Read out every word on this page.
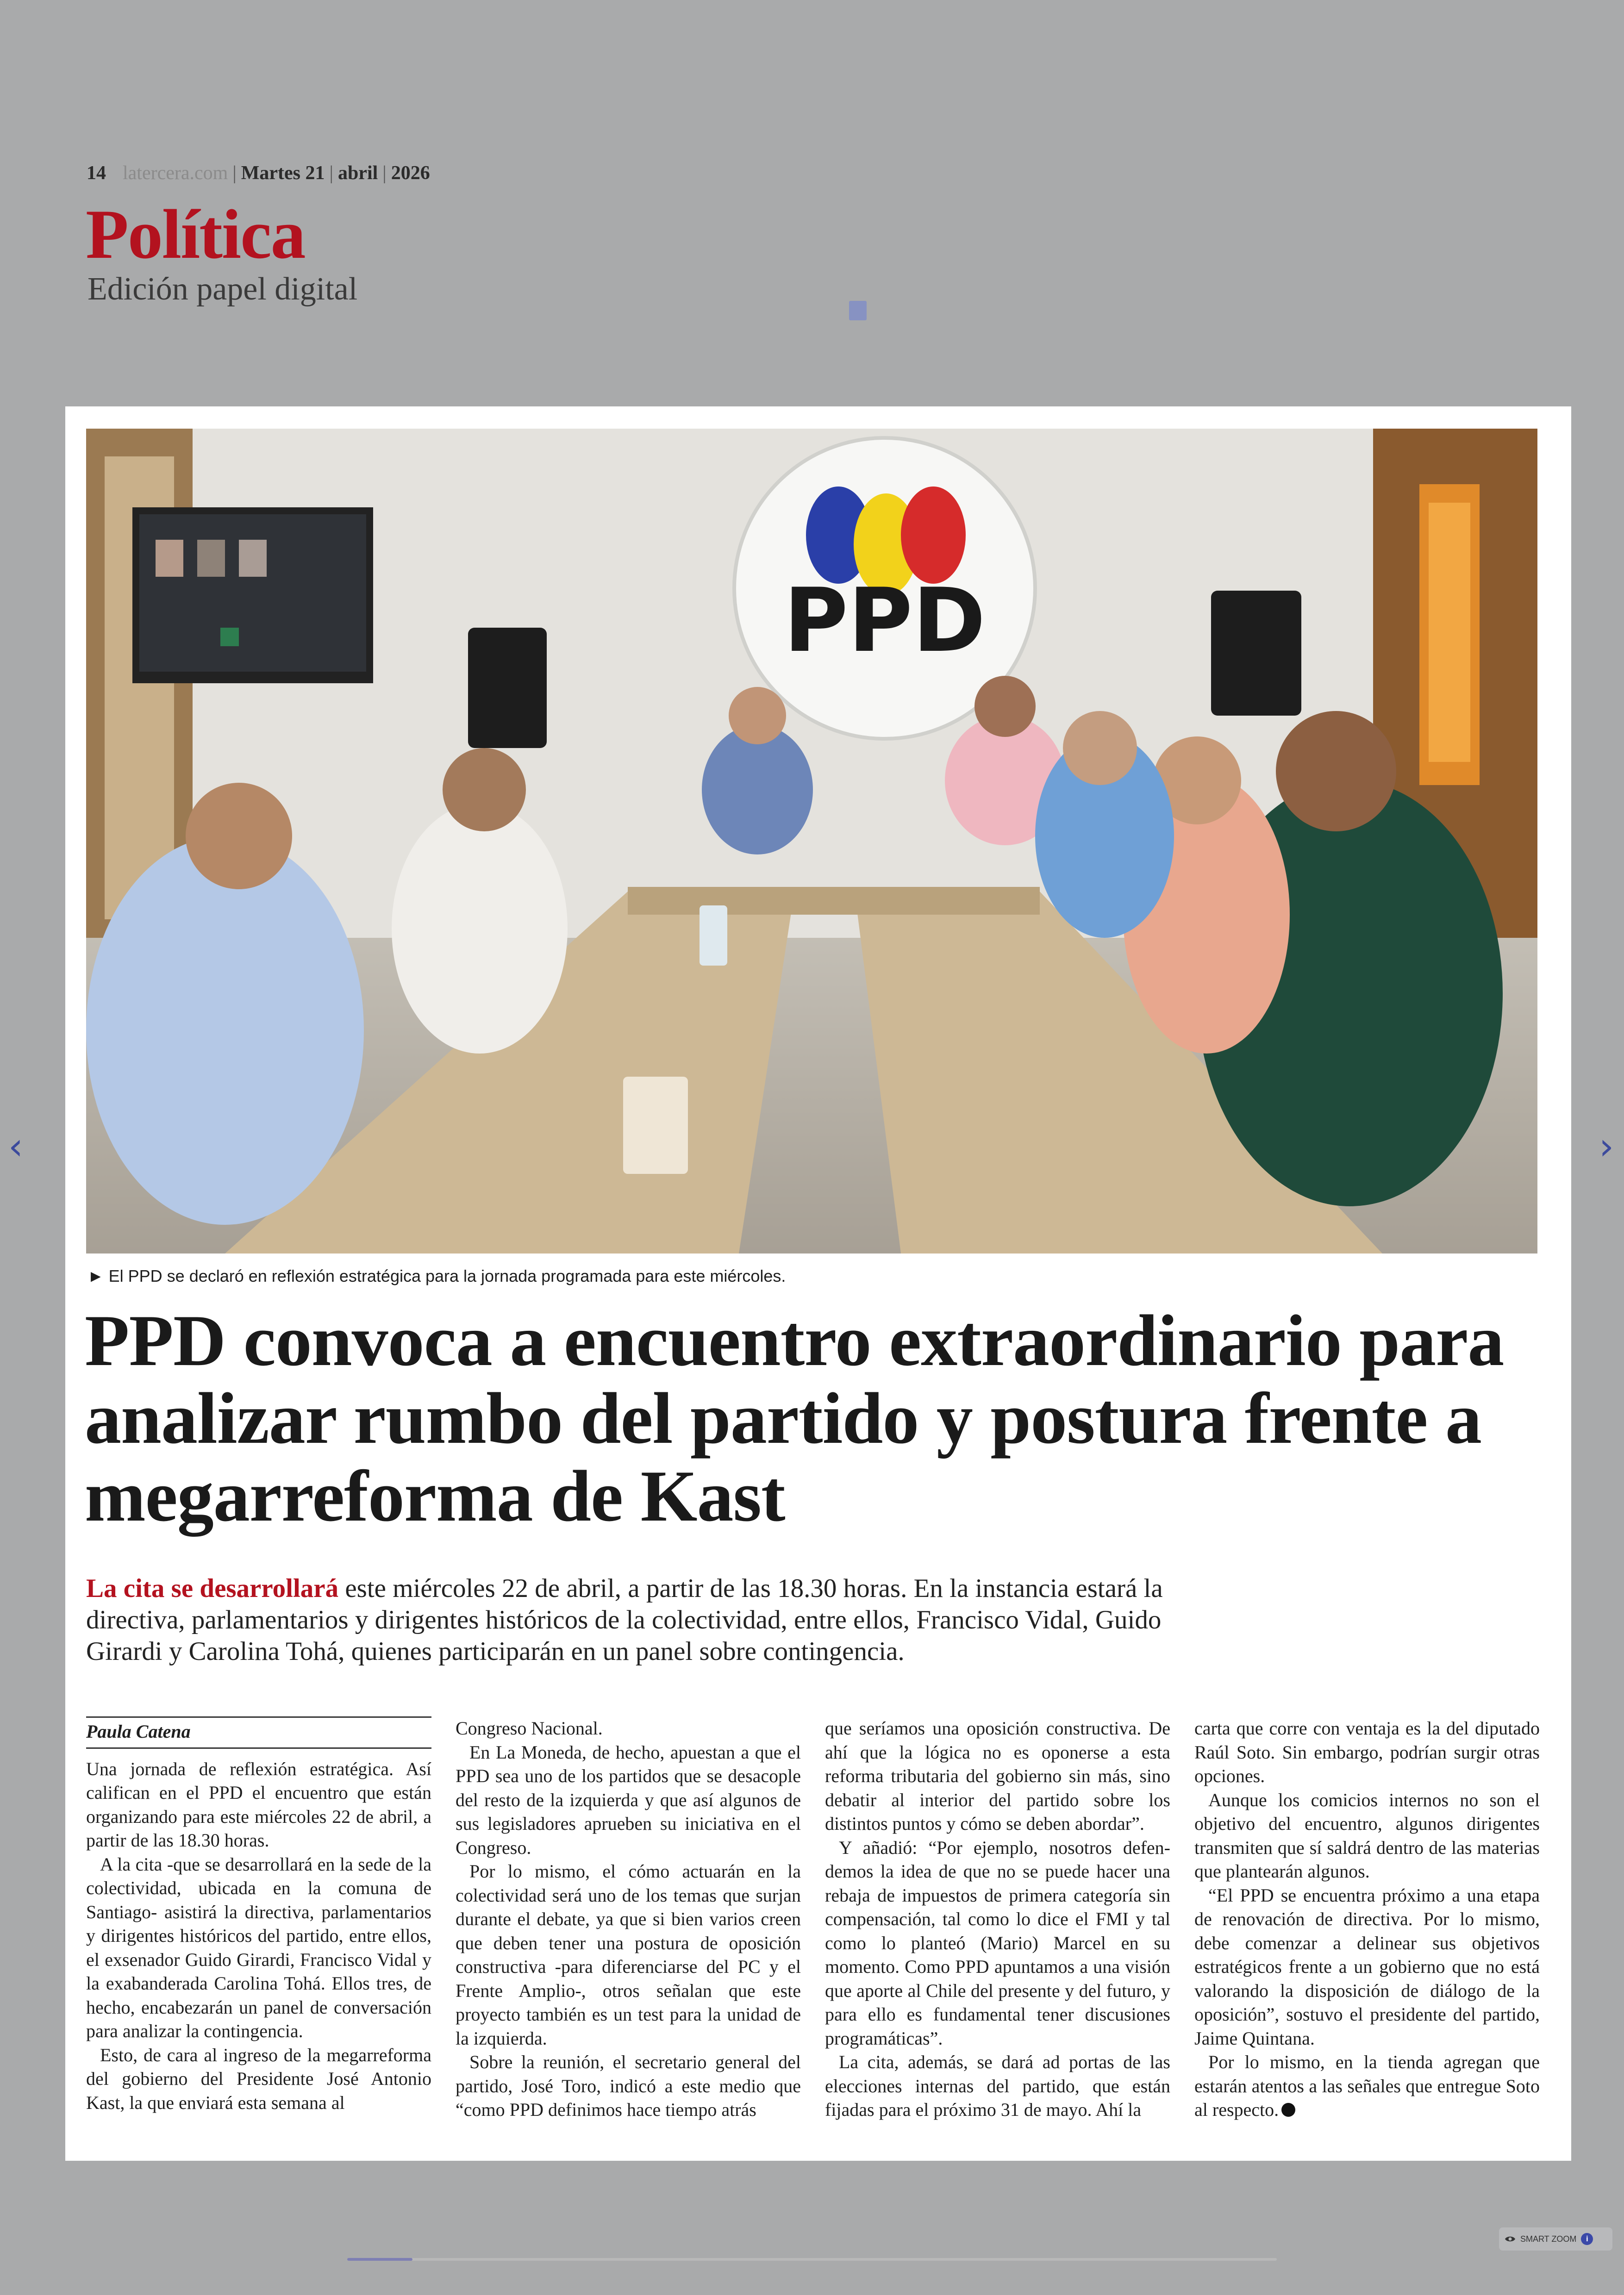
14 latercera.com | Martes 21 | abril | 2026
Política
Edición papel digital
PPD
► El PPD se declaró en reflexión estratégica para la jornada programada para este miércoles.
PPD convoca a encuentro extraordinario para analizar rumbo del partido y postura frente a megarreforma de Kast
La cita se desarrollará este miércoles 22 de abril, a partir de las 18.30 horas. En la instancia estará la directiva, parlamentarios y dirigentes históricos de la colectividad, entre ellos, Francisco Vidal, Guido Girardi y Carolina Tohá, quienes participarán en un panel sobre contingencia.
Paula Catena

Una jornada de reflexión estratégica. Así califican en el PPD el encuentro que están organizando para este miércoles 22 de abril, a partir de las 18.30 horas.

A la cita -que se desarrollará en la sede de la colectividad, ubicada en la comuna de Santiago- asistirá la directiva, parlamentarios y dirigentes históricos del partido, entre ellos, el exsenador Guido Girardi, Francisco Vidal y la exabanderada Carolina Tohá. Ellos tres, de hecho, encabezarán un panel de conversación para analizar la contingencia.

Esto, de cara al ingreso de la megarreforma del gobierno del Presidente José Antonio Kast, la que enviará esta semana al

Congreso Nacional.

En La Moneda, de hecho, apuestan a que el PPD sea uno de los partidos que se desacople del resto de la izquierda y que así algunos de sus legisladores aprueben su iniciativa en el Congreso.

Por lo mismo, el cómo actuarán en la colectividad será uno de los temas que surjan durante el debate, ya que si bien varios creen que deben tener una postura de oposición constructiva -para diferenciarse del PC y el Frente Amplio-, otros señalan que este proyecto también es un test para la unidad de la izquierda.

Sobre la reunión, el secretario general del partido, José Toro, indicó a este medio que “como PPD definimos hace tiempo atrás

que seríamos una oposición constructiva. De ahí que la lógica no es oponerse a esta reforma tributaria del gobierno sin más, sino debatir al interior del partido sobre los distintos puntos y cómo se deben abordar”.

Y añadió: “Por ejemplo, nosotros defendemos la idea de que no se puede hacer una rebaja de impuestos de primera categoría sin compensación, tal como lo dice el FMI y tal como lo planteó (Mario) Marcel en su momento. Como PPD apuntamos a una visión que aporte al Chile del presente y del futuro, y para ello es fundamental tener discusiones programáticas”.

La cita, además, se dará ad portas de las elecciones internas del partido, que están fijadas para el próximo 31 de mayo. Ahí la

carta que corre con ventaja es la del diputado Raúl Soto. Sin embargo, podrían surgir otras opciones.

Aunque los comicios internos no son el objetivo del encuentro, algunos dirigentes transmiten que sí saldrá dentro de las materias que plantearán algunos.

“El PPD se encuentra próximo a una etapa de renovación de directiva. Por lo mismo, debe comenzar a delinear sus objetivos estratégicos frente a un gobierno que no está valorando la disposición de diálogo de la oposición”, sostuvo el presidente del partido, Jaime Quintana.

Por lo mismo, en la tienda agregan que estarán atentos a las señales que entregue Soto al respecto.

‹	›
SMART ZOOM	i
